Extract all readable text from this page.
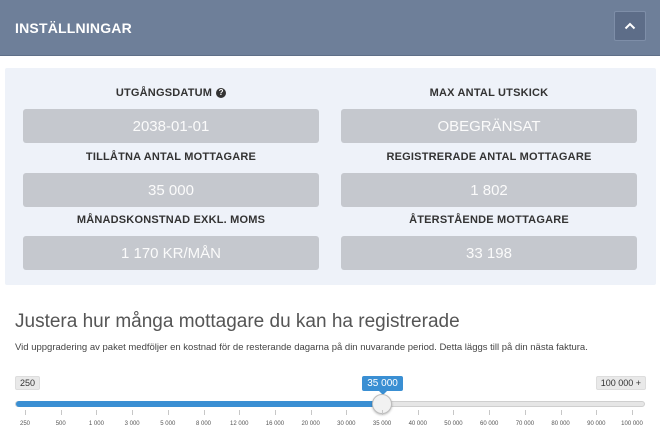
INSTÄLLNINGAR
UTGÅNGSDATUM ?
2038-01-01
MAX ANTAL UTSKICK
OBEGRÄNSAT
TILLÅTNA ANTAL MOTTAGARE
35 000
REGISTRERADE ANTAL MOTTAGARE
1 802
MÅNADSKONSTNAD EXKL. MOMS
1 170 KR/MÅN
ÅTERSTÅENDE MOTTAGARE
33 198
Justera hur många mottagare du kan ha registrerade

Vid uppgradering av paket medföljer en kostnad för de resterande dagarna på din nuvarande period. Detta läggs till på din nästa faktura.

250	100 000 +
35 000
250	500	1 000	3 000	5 000	8 000	12 000	16 000	20 000	30 000	35 000	40 000	50 000	60 000	70 000	80 000	90 000	100 000
